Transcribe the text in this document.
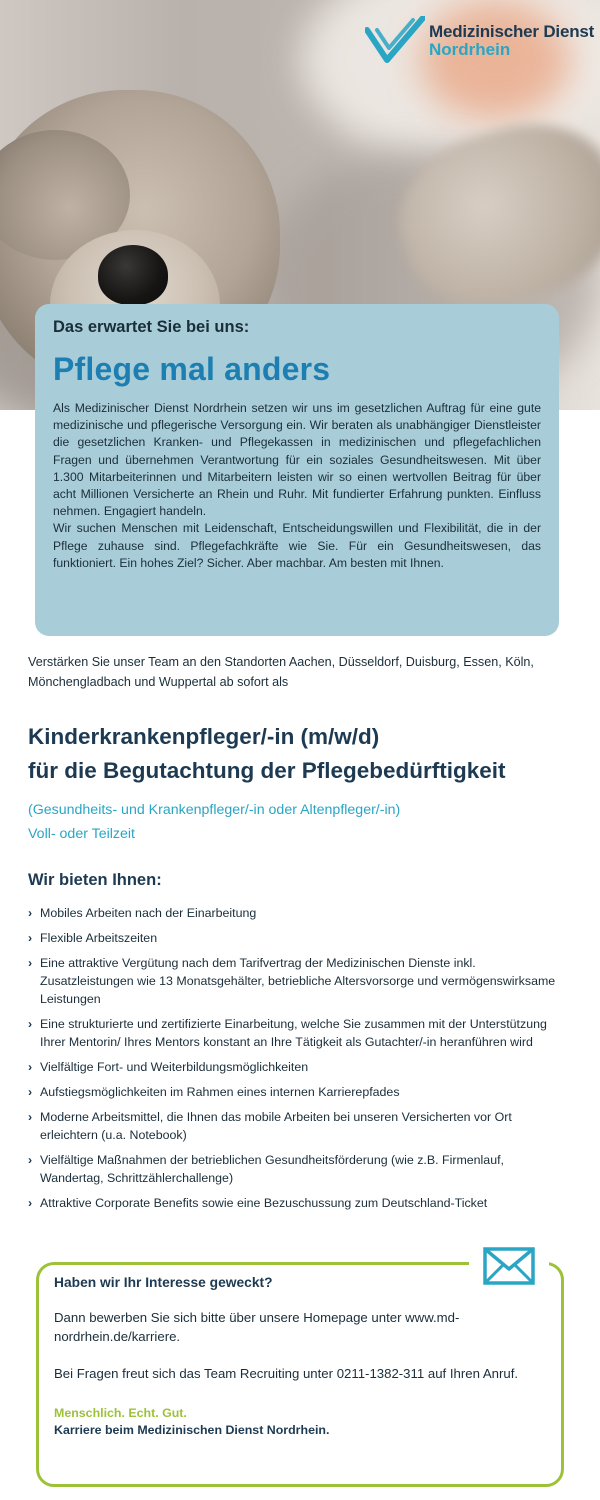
Medizinischer Dienst
Nordrhein
Das erwartet Sie bei uns:
Pflege mal anders

Als Medizinischer Dienst Nordrhein setzen wir uns im gesetzlichen Auftrag für eine gute medizinische und pflegerische Versorgung ein. Wir beraten als unabhängiger Dienstleister die gesetzlichen Kranken- und Pflegekassen in medizinischen und pflegefachlichen Fragen und übernehmen Verantwortung für ein soziales Gesundheitswesen. Mit über 1.300 Mitarbeiterinnen und Mitarbeitern leisten wir so einen wertvollen Beitrag für über acht Millionen Versicherte an Rhein und Ruhr. Mit fundierter Erfahrung punkten. Einfluss nehmen. Engagiert handeln.

Wir suchen Menschen mit Leidenschaft, Entscheidungswillen und Flexibilität, die in der Pflege zuhause sind. Pflegefachkräfte wie Sie. Für ein Gesundheitswesen, das funktioniert. Ein hohes Ziel? Sicher. Aber machbar. Am besten mit Ihnen.

Verstärken Sie unser Team an den Standorten Aachen, Düsseldorf, Duisburg, Essen, Köln, Mönchengladbach und Wuppertal ab sofort als
Kinderkrankenpfleger/-in (m/w/d)
für die Begutachtung der Pflegebedürftigkeit
(Gesundheits- und Krankenpfleger/-in oder Altenpfleger/-in)
Voll- oder Teilzeit
Wir bieten Ihnen:
› Mobiles Arbeiten nach der Einarbeitung
› Flexible Arbeitszeiten
› Eine attraktive Vergütung nach dem Tarifvertrag der Medizinischen Dienste inkl. Zusatzleistungen wie 13 Monatsgehälter, betriebliche Altersvorsorge und vermögenswirksame Leistungen
› Eine strukturierte und zertifizierte Einarbeitung, welche Sie zusammen mit der Unterstützung Ihrer Mentorin/ Ihres Mentors konstant an Ihre Tätigkeit als Gutachter/-in heranführen wird
› Vielfältige Fort- und Weiterbildungsmöglichkeiten
› Aufstiegsmöglichkeiten im Rahmen eines internen Karrierepfades
› Moderne Arbeitsmittel, die Ihnen das mobile Arbeiten bei unseren Versicherten vor Ort erleichtern (u.a. Notebook)
› Vielfältige Maßnahmen der betrieblichen Gesundheitsförderung (wie z.B. Firmenlauf, Wandertag, Schrittzählerchallenge)
› Attraktive Corporate Benefits sowie eine Bezuschussung zum Deutschland-Ticket
Haben wir Ihr Interesse geweckt?
Dann bewerben Sie sich bitte über unsere Homepage unter www.md-nordrhein.de/karriere.
Bei Fragen freut sich das Team Recruiting unter 0211-1382-311 auf Ihren Anruf.
Menschlich. Echt. Gut.
Karriere beim Medizinischen Dienst Nordrhein.
